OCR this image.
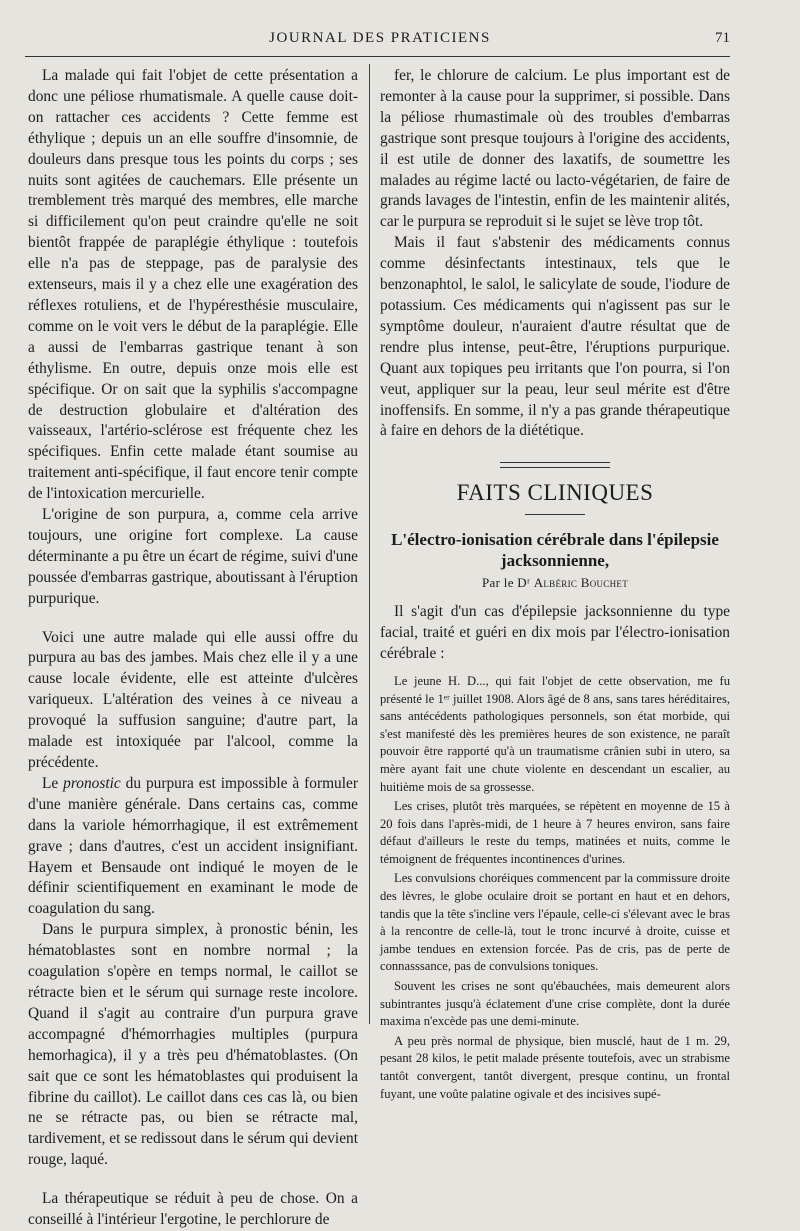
JOURNAL DES PRATICIENS	71

La malade qui fait l'objet de cette présentation a donc une péliose rhumatismale. A quelle cause doit-on rattacher ces accidents ? Cette femme est éthylique ; depuis un an elle souffre d'insomnie, de douleurs dans presque tous les points du corps ; ses nuits sont agitées de cauchemars. Elle présente un tremblement très marqué des membres, elle marche si difficilement qu'on peut craindre qu'elle ne soit bientôt frappée de paraplégie éthylique : toutefois elle n'a pas de steppage, pas de paralysie des extenseurs, mais il y a chez elle une exagération des réflexes rotuliens, et de l'hypéresthésie musculaire, comme on le voit vers le début de la paraplégie. Elle a aussi de l'embarras gastrique tenant à son éthylisme. En outre, depuis onze mois elle est spécifique. Or on sait que la syphilis s'accompagne de destruction globulaire et d'altération des vaisseaux, l'artério-sclérose est fréquente chez les spécifiques. Enfin cette malade étant soumise au traitement anti-spécifique, il faut encore tenir compte de l'intoxication mercurielle.

L'origine de son purpura, a, comme cela arrive toujours, une origine fort complexe. La cause déterminante a pu être un écart de régime, suivi d'une poussée d'embarras gastrique, aboutissant à l'éruption purpurique.

Voici une autre malade qui elle aussi offre du purpura au bas des jambes. Mais chez elle il y a une cause locale évidente, elle est atteinte d'ulcères variqueux. L'altération des veines à ce niveau a provoqué la suffusion sanguine; d'autre part, la malade est intoxiquée par l'alcool, comme la précédente.

Le pronostic du purpura est impossible à formuler d'une manière générale. Dans certains cas, comme dans la variole hémorrhagique, il est extrêmement grave ; dans d'autres, c'est un accident insignifiant. Hayem et Bensaude ont indiqué le moyen de le définir scientifiquement en examinant le mode de coagulation du sang.

Dans le purpura simplex, à pronostic bénin, les hématoblastes sont en nombre normal ; la coagulation s'opère en temps normal, le caillot se rétracte bien et le sérum qui surnage reste incolore. Quand il s'agit au contraire d'un purpura grave accompagné d'hémorrhagies multiples (purpura hemorhagica), il y a très peu d'hématoblastes. (On sait que ce sont les hématoblastes qui produisent la fibrine du caillot). Le caillot dans ces cas là, ou bien ne se rétracte pas, ou bien se rétracte mal, tardivement, et se redissout dans le sérum qui devient rouge, laqué.

La thérapeutique se réduit à peu de chose. On a conseillé à l'intérieur l'ergotine, le perchlorure de

fer, le chlorure de calcium. Le plus important est de remonter à la cause pour la supprimer, si possible. Dans la péliose rhumastimale où des troubles d'embarras gastrique sont presque toujours à l'origine des accidents, il est utile de donner des laxatifs, de soumettre les malades au régime lacté ou lacto-végétarien, de faire de grands lavages de l'intestin, enfin de les maintenir alités, car le purpura se reproduit si le sujet se lève trop tôt.

Mais il faut s'abstenir des médicaments connus comme désinfectants intestinaux, tels que le benzonaphtol, le salol, le salicylate de soude, l'iodure de potassium. Ces médicaments qui n'agissent pas sur le symptôme douleur, n'auraient d'autre résultat que de rendre plus intense, peut-être, l'éruptions purpurique. Quant aux topiques peu irritants que l'on pourra, si l'on veut, appliquer sur la peau, leur seul mérite est d'être inoffensifs. En somme, il n'y a pas grande thérapeutique à faire en dehors de la diététique.

FAITS CLINIQUES
L'électro-ionisation cérébrale dans l'épilepsie jacksonnienne,
Par le Dʳ Albéric Bouchet

Il s'agit d'un cas d'épilepsie jacksonnienne du type facial, traité et guéri en dix mois par l'électro-ionisation cérébrale :

Le jeune H. D..., qui fait l'objet de cette observation, me fu présenté le 1ᵉʳ juillet 1908. Alors âgé de 8 ans, sans tares héréditaires, sans antécédents pathologiques personnels, son état morbide, qui s'est manifesté dès les premières heures de son existence, ne paraît pouvoir être rapporté qu'à un traumatisme crânien subi in utero, sa mère ayant fait une chute violente en descendant un escalier, au huitième mois de sa grossesse.

Les crises, plutôt très marquées, se répètent en moyenne de 15 à 20 fois dans l'après-midi, de 1 heure à 7 heures environ, sans faire défaut d'ailleurs le reste du temps, matinées et nuits, comme le témoignent de fréquentes incontinences d'urines.

Les convulsions choréiques commencent par la commissure droite des lèvres, le globe oculaire droit se portant en haut et en dehors, tandis que la tête s'incline vers l'épaule, celle-ci s'élevant avec le bras à la rencontre de celle-là, tout le tronc incurvé à droite, cuisse et jambe tendues en extension forcée. Pas de cris, pas de perte de connasssance, pas de convulsions toniques.

Souvent les crises ne sont qu'ébauchées, mais demeurent alors subintrantes jusqu'à éclatement d'une crise complète, dont la durée maxima n'excède pas une demi-minute.

A peu près normal de physique, bien musclé, haut de 1 m. 29, pesant 28 kilos, le petit malade présente toutefois, avec un strabisme tantôt convergent, tantôt divergent, presque continu, un frontal fuyant, une voûte palatine ogivale et des incisives supé-
